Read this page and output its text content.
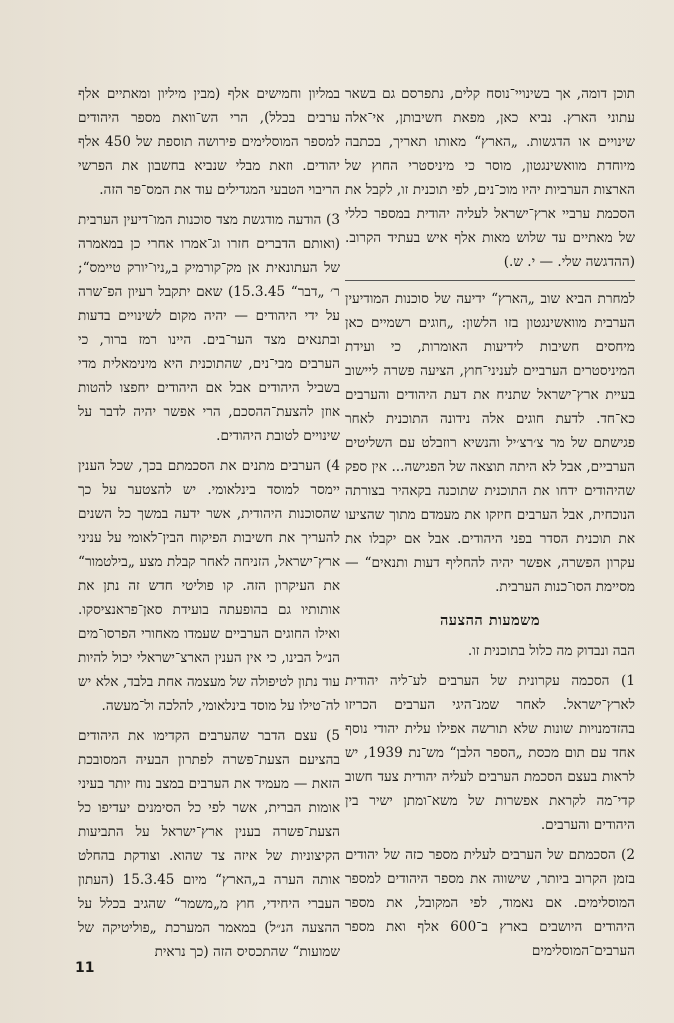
תוכן דומה, אך בשינויי־נוסח קלים, נתפרסם גם בשאר עתוני הארץ. נביא כאן, מפאת חשיבותן, אי־אלה שינויים או הדגשות. „הארץ“ מאותו תאריך, בכתבה מיוחדת מוואשינגטון, מוסר כי מיניסטרי החוץ של הארצות הערביות יהיו מוכ־נים, לפי תוכנית זו, לקבל את הסכמת ערביי ארץ־ישראל לעליה יהודית במספר כללי של מאתיים עד שלוש מאות אלף איש בעתיד הקרוב. (ההדגשה שלי. — י. ש.)

למחרת הביא שוב „הארץ“ ידיעה של סוכנות המודיעין הערבית מוואשינגטון בזו הלשון: „חוגים רשמיים כאן מיחסים חשיבות לידיעות האומרות, כי ועידת המיניסטרים הערביים לעניני־חוץ, הציעה פשרה ליישוב בעיית ארץ־ישראל שתניח את דעת היהודים והערבים כא־חד. לדעת חוגים אלה נידונה התוכנית לאחר פגישתם של מר צ׳רצ׳יל והנשיא רוזבלט עם השליטים הערביים, אבל לא היתה תוצאה של הפגישה... אין ספק שהיהודים ידחו את התוכנית שתוכנה בקאהיר בצורתה הנוכחית, אבל הערבים חיזקו את מעמדם מתוך שהציעו את תוכנית הסדר בפני היהודים. אבל אם יקבלו את עקרון הפשרה, אפשר יהיה להחליף דעות ותנאים“ — מסיימת הסו־כנות הערבית.

משמעות ההצעה

הבה ונבדוק מה כלול בתוכנית זו.

1) הסכמה עקרונית של הערבים לע־ליה יהודית לארץ־ישראל. לאחר שמנ־היגי הערבים הכריזו בהזדמנויות שונות שלא תורשה אפילו עלית יהודי נוסף אחד עם תום מכסת „הספר הלבן“ מש־נת 1939, יש לראות בעצם הסכמת הערבים לעליה יהודית צעד חשוב קדי־מה לקראת אפשרות של משא־ומתן ישיר בין היהודים והערבים.

2) הסכמתם של הערבים לעלית מספר כזה של יהודים בזמן הקרוב ביותר, שישווה את מספר היהודים למספר המוסלימים. אם נאמוד, לפי המקובל, את מספר היהודים היושבים בארץ ב־600 אלף ואת מספר הערבים־המוסלימים

במליון וחמישים אלף (מבין מיליון ומאתיים אלף ערבים בכלל), הרי הש־וואת מספר היהודים למספר המוסלימים פירושה תוספת של 450 אלף יהודים. וזאת מבלי שנביא בחשבון את הפרשי הריבוי הטבעי המגדילים עוד את המס־פר הזה.

3) הודעה מודגשת מצד סוכנות המו־דיעין הערבית (ואותם הדברים חזרו וג־אמרו אחרי כן במאמרה של העתונאית אן מק־קורמיק ב„ניו־יורק טיימס“; ר׳ „דבר“ 15.3.45) שאם יתקבל רעיון הפ־שרה על ידי היהודים — יהיה מקום לשינויים בדעות ובתנאים מצד הער־בים. היינו רמז ברור, כי הערבים מבי־נים, שהתוכנית היא מינימאלית מדי בשביל היהודים אבל אם היהודים יחפצו להטות אוזן להצעת־ההסכם, הרי אפשר יהיה לדבר על שינויים לטובת היהודים.

4) הערבים מתנים את הסכמתם בכך, שכל הענין יימסר למוסד בינלאומי. יש להצטער על כך שהסוכנות היהודית, אשר ידעה במשך כל השנים להעריך את חשיבות הפיקוח הבין־לאומי על עניני ארץ־ישראל, הזניחה לאחר קבלת מצע „בילטמור“ את העיקרון הזה. קו פוליטי חדש זה נתן את אותותיו גם בהופעתה בועידת סאן־פראנציסקו. ואילו החוגים הערביים שעמדו מאחורי הפרסו־מים הנ״ל הבינו, כי אין הענין הארצ־ישראלי יכול להיות עוד נתון לטיפולה של מעצמה אחת בלבד, אלא יש לה־טילו על מוסד בינלאומי, להלכה ול־מעשה.

5) עצם הדבר שהערבים הקדימו את היהודים בהציעם הצעת־פשרה לפתרון הבעיה המסובכת הזאת — מעמיד את הערבים במצב נוח יותר בעיני אומות הברית, אשר לפי כל הסימנים יעדיפו כל הצעת־פשרה בענין ארץ־ישראל על התביעות הקיצוניות של איזה צד שהוא. וצודקת בהחלט אותה הערה ב„הארץ“ מיום 15.3.45 (העתון העברי היחידי, חוץ מ„משמר“ שהגיב בכלל על ההצעה הנ״ל) במאמר המערכת „פוליטיקה של שמועות“ שהתכסיס הזה (כך נראית

11
